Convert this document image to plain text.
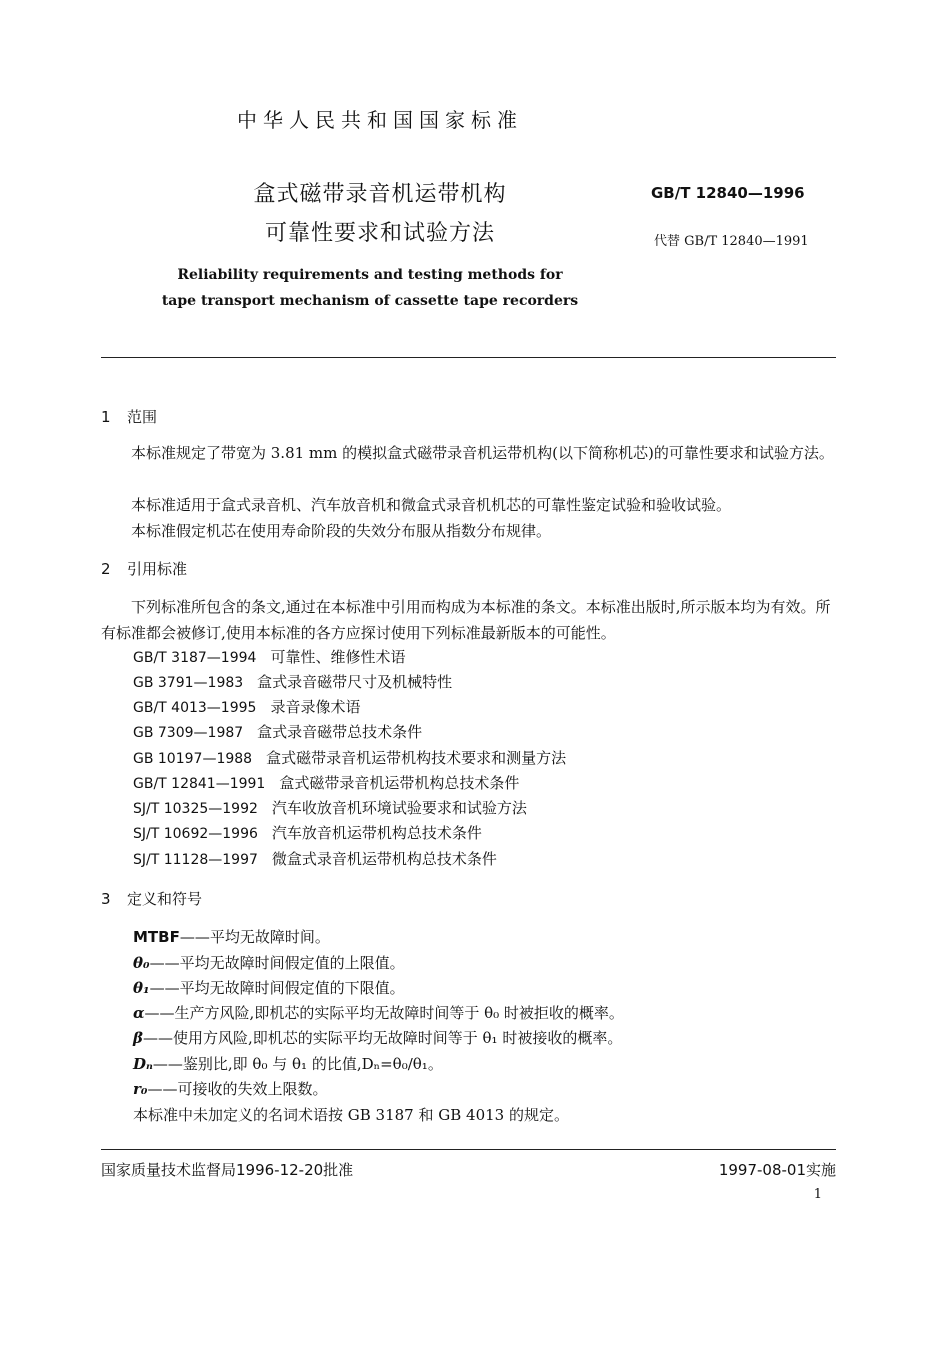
中华人民共和国国家标准
盒式磁带录音机运带机构
可靠性要求和试验方法
GB/T 12840—1996
代替 GB/T 12840—1991
Reliability requirements and testing methods for
tape transport mechanism of cassette tape recorders
1 范围
本标准规定了带宽为 3.81 mm 的模拟盒式磁带录音机运带机构(以下简称机芯)的可靠性要求和试验方法。
本标准适用于盒式录音机、汽车放音机和微盒式录音机机芯的可靠性鉴定试验和验收试验。
本标准假定机芯在使用寿命阶段的失效分布服从指数分布规律。
2 引用标准
下列标准所包含的条文,通过在本标准中引用而构成为本标准的条文。本标准出版时,所示版本均为有效。所有标准都会被修订,使用本标准的各方应探讨使用下列标准最新版本的可能性。
GB/T 3187—1994 可靠性、维修性术语
GB 3791—1983 盒式录音磁带尺寸及机械特性
GB/T 4013—1995 录音录像术语
GB 7309—1987 盒式录音磁带总技术条件
GB 10197—1988 盒式磁带录音机运带机构技术要求和测量方法
GB/T 12841—1991 盒式磁带录音机运带机构总技术条件
SJ/T 10325—1992 汽车收放音机环境试验要求和试验方法
SJ/T 10692—1996 汽车放音机运带机构总技术条件
SJ/T 11128—1997 微盒式录音机运带机构总技术条件
3 定义和符号
MTBF——平均无故障时间。
θ₀——平均无故障时间假定值的上限值。
θ₁——平均无故障时间假定值的下限值。
α——生产方风险,即机芯的实际平均无故障时间等于 θ₀ 时被拒收的概率。
β——使用方风险,即机芯的实际平均无故障时间等于 θ₁ 时被接收的概率。
Dₙ——鉴别比,即 θ₀ 与 θ₁ 的比值,Dₙ=θ₀/θ₁。
r₀——可接收的失效上限数。
本标准中未加定义的名词术语按 GB 3187 和 GB 4013 的规定。
国家质量技术监督局1996-12-20批准	1997-08-01实施
1
